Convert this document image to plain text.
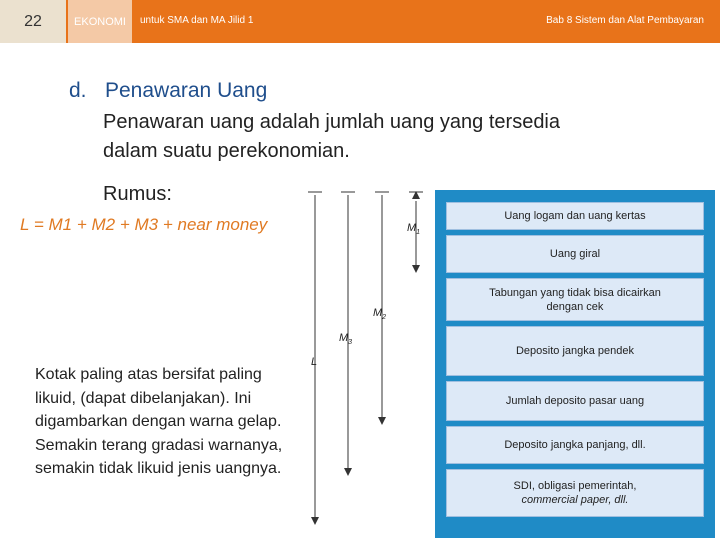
22	EKONOMI	untuk SMA dan MA Jilid 1	Bab 8 Sistem dan Alat Pembayaran
d. Penawaran Uang
Penawaran uang adalah jumlah uang yang tersedia
dalam suatu perekonomian.
Rumus:
L = M1 + M2 + M3 + near money
Kotak paling atas bersifat paling
likuid, (dapat dibelanjakan). Ini
digambarkan dengan warna gelap.
Semakin terang gradasi warnanya,
semakin tidak likuid jenis uangnya.
$M_1$
$M_2$
$M_3$
L
Uang logam dan uang kertas
Uang giral
Tabungan yang tidak bisa dicairkan
dengan cek
Deposito jangka pendek
Jumlah deposito pasar uang
Deposito jangka panjang, dll.
SDI, obligasi pemerintah,
commercial paper, dll.
